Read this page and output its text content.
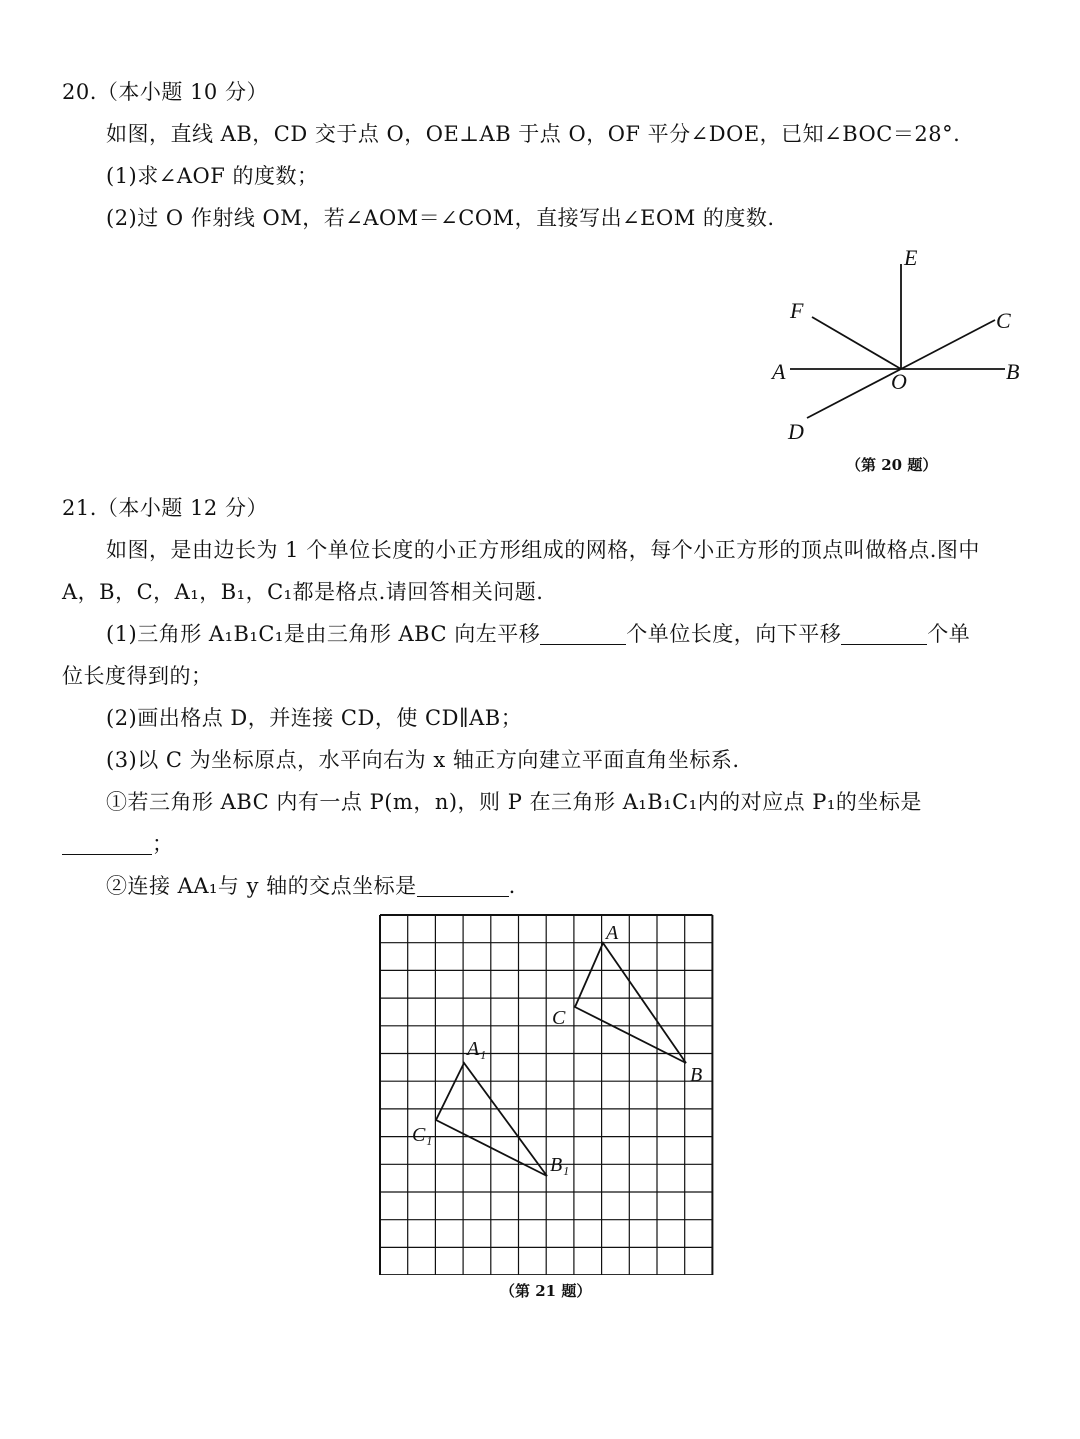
20.（本小题 10 分）
如图，直线 AB，CD 交于点 O，OE⊥AB 于点 O，OF 平分∠DOE，已知∠BOC＝28°.
(1)求∠AOF 的度数；
(2)过 O 作射线 OM，若∠AOM＝∠COM，直接写出∠EOM 的度数.
E
F	C
A	O	B
D
（第 20 题）
21.（本小题 12 分）
如图，是由边长为 1 个单位长度的小正方形组成的网格，每个小正方形的顶点叫做格点.图中
A，B，C，A₁，B₁，C₁都是格点.请回答相关问题.
(1)三角形 A₁B₁C₁是由三角形 ABC 向左平移	个单位长度，向下平移	个单
位长度得到的；
(2)画出格点 D，并连接 CD，使 CD∥AB；
(3)以 C 为坐标原点，水平向右为 x 轴正方向建立平面直角坐标系.
①若三角形 ABC 内有一点 P(m，n)，则 P 在三角形 A₁B₁C₁内的对应点 P₁的坐标是
；
②连接 AA₁与 y 轴的交点坐标是	.
A
B
C
A₁
B₁
C₁
（第 21 题）
